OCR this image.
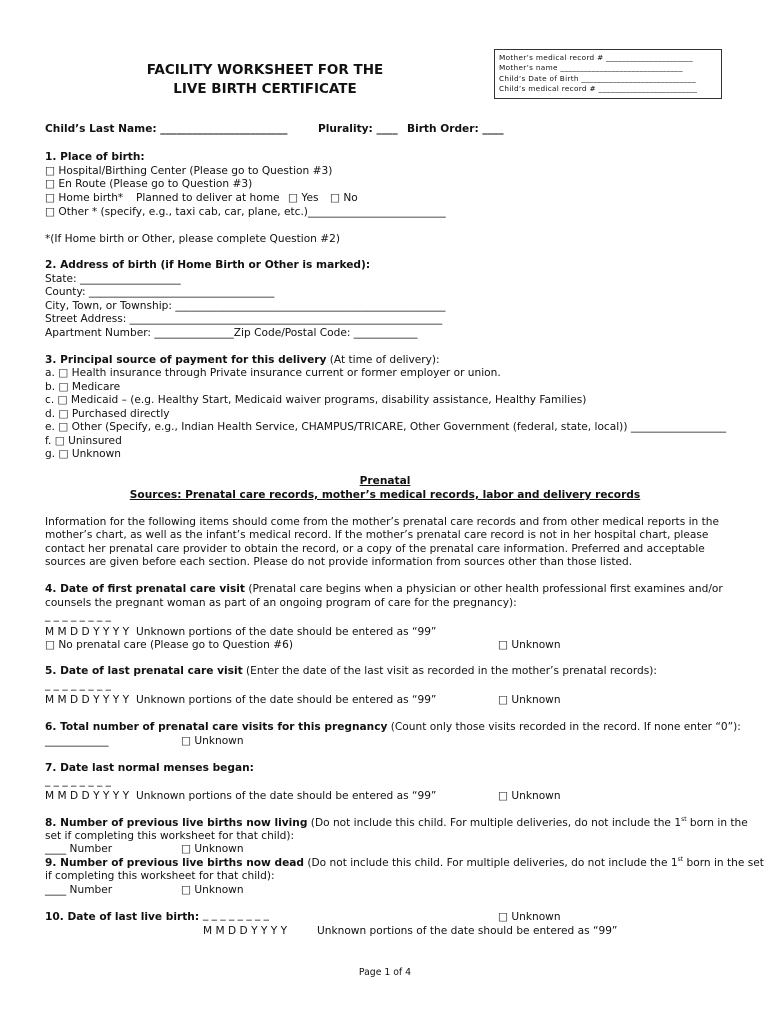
Mother’s medical record # ______________________
Mother’s name _______________________________
Child’s Date of Birth _____________________________
Child’s medical record # _________________________
FACILITY WORKSHEET FOR THE
LIVE BIRTH CERTIFICATE
Child’s Last Name: ________________________	Plurality: ____ Birth Order: ____
1. Place of birth:
□ Hospital/Birthing Center (Please go to Question #3)
□ En Route (Please go to Question #3)
□ Home birth* Planned to deliver at home □ Yes □ No
□ Other * (specify, e.g., taxi cab, car, plane, etc.)__________________________
*(If Home birth or Other, please complete Question #2)
2. Address of birth (if Home Birth or Other is marked):
State: ___________________
County: ___________________________________
City, Town, or Township: ___________________________________________________
Street Address: ___________________________________________________________
Apartment Number: _______________Zip Code/Postal Code: ____________
3. Principal source of payment for this delivery (At time of delivery):
a. □ Health insurance through Private insurance current or former employer or union.
b. □ Medicare
c. □ Medicaid – (e.g. Healthy Start, Medicaid waiver programs, disability assistance, Healthy Families)
d. □ Purchased directly
e. □ Other (Specify, e.g., Indian Health Service, CHAMPUS/TRICARE, Other Government (federal, state, local)) __________________
f. □ Uninsured
g. □ Unknown
Prenatal
Sources: Prenatal care records, mother’s medical records, labor and delivery records
Information for the following items should come from the mother’s prenatal care records and from other medical reports in the
mother’s chart, as well as the infant’s medical record. If the mother’s prenatal care record is not in her hospital chart, please
contact her prenatal care provider to obtain the record, or a copy of the prenatal care information. Preferred and acceptable
sources are given before each section. Please do not provide information from sources other than those listed.
4. Date of first prenatal care visit (Prenatal care begins when a physician or other health professional first examines and/or
counsels the pregnant woman as part of an ongoing program of care for the pregnancy):
_ _ _ _ _ _ _ _
M M D D Y Y Y Y Unknown portions of the date should be entered as “99”
□ No prenatal care (Please go to Question #6)	□ Unknown
5. Date of last prenatal care visit (Enter the date of the last visit as recorded in the mother’s prenatal records):
_ _ _ _ _ _ _ _
M M D D Y Y Y Y Unknown portions of the date should be entered as “99”	□ Unknown
6. Total number of prenatal care visits for this pregnancy (Count only those visits recorded in the record. If none enter “0”):
____________	□ Unknown
7. Date last normal menses began:
_ _ _ _ _ _ _ _
M M D D Y Y Y Y Unknown portions of the date should be entered as “99”	□ Unknown
8. Number of previous live births now living (Do not include this child. For multiple deliveries, do not include the 1st born in the
set if completing this worksheet for that child):
____ Number	□ Unknown
9. Number of previous live births now dead (Do not include this child. For multiple deliveries, do not include the 1st born in the set
if completing this worksheet for that child):
____ Number	□ Unknown
10. Date of last live birth: _ _ _ _ _ _ _ _	□ Unknown
M M D D Y Y Y Y	Unknown portions of the date should be entered as “99”
Page 1 of 4
